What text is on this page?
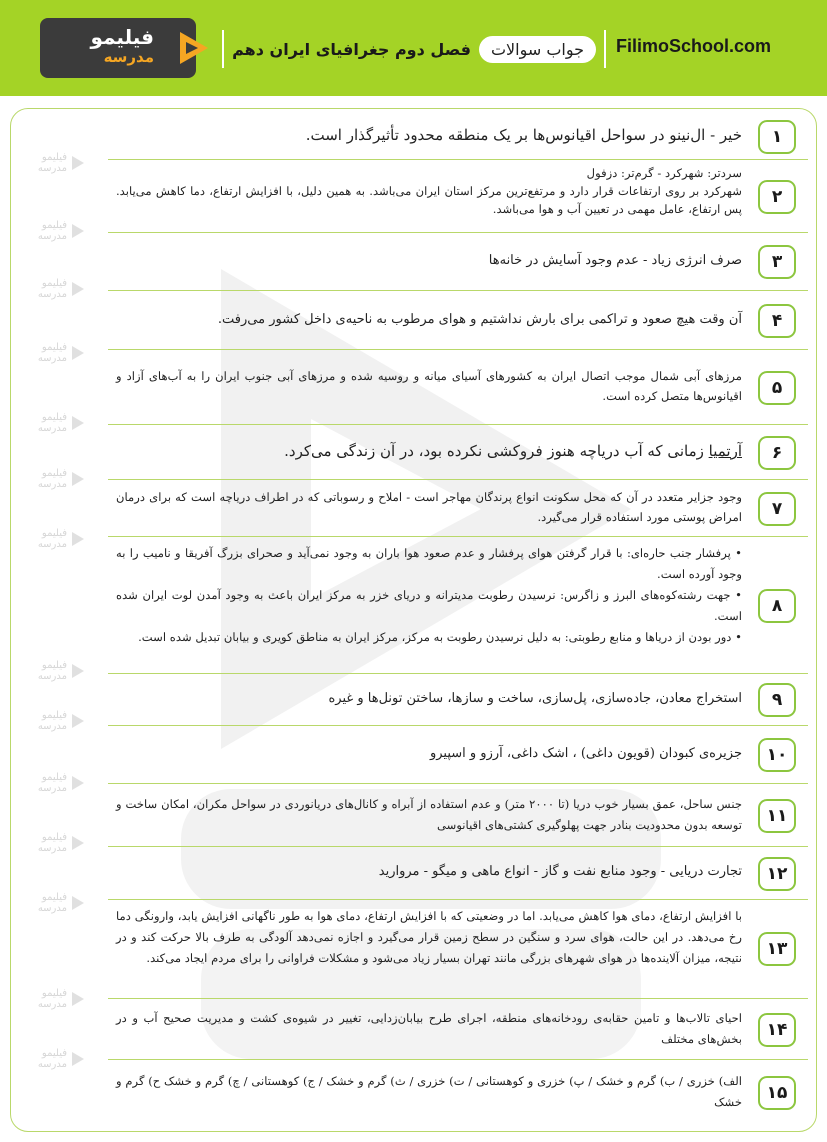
FilimoSchool.com
جواب سوالات
فصل دوم جغرافیای ایران دهم
فیلیمو
مدرسه
فیلیمو
مدرسه
فیلیمو
مدرسه
فیلیمو
مدرسه
فیلیمو
مدرسه
فیلیمو
مدرسه
فیلیمو
مدرسه
فیلیمو
مدرسه
فیلیمو
مدرسه
فیلیمو
مدرسه
فیلیمو
مدرسه
فیلیمو
مدرسه
فیلیمو
مدرسه
فیلیمو
مدرسه
فیلیمو
مدرسه
۱

خیر - ال‌نینو در سواحل اقیانوس‌ها بر یک منطقه محدود تأثیرگذار است.

۲

سردتر: شهرکرد - گرم‌تر: دزفول

شهرکرد بر روی ارتفاعات قرار دارد و مرتفع‌ترین مرکز استان ایران می‌باشد. به همین دلیل، با افزایش ارتفاع، دما کاهش می‌یابد. پس ارتفاع، عامل مهمی در تعیین آب و هوا می‌باشد.

۳

صرف انرژی زیاد - عدم وجود آسایش در خانه‌ها

۴

آن وقت هیچ صعود و تراکمی برای بارش نداشتیم و هوای مرطوب به ناحیه‌ی داخل کشور می‌رفت.

۵

مرزهای آبی شمال موجب اتصال ایران به کشورهای آسیای میانه و روسیه شده و مرزهای آبی جنوب ایران را به آب‌های آزاد و اقیانوس‌ها متصل کرده است.

۶

آرتمیا زمانی که آب دریاچه هنوز فروکشی نکرده بود، در آن زندگی می‌کرد.

۷

وجود جزایر متعدد در آن که محل سکونت انواع پرندگان مهاجر است - املاح و رسوباتی که در اطراف دریاچه است که برای درمان امراض پوستی مورد استفاده قرار می‌گیرد.

۸

• پرفشار جنب حاره‌ای: با قرار گرفتن هوای پرفشار و عدم صعود هوا باران به وجود نمی‌آید و صحرای بزرگ آفریقا و نامیب را به وجود آورده است.

• جهت رشته‌کوه‌های البرز و زاگرس: نرسیدن رطوبت مدیترانه و دریای خزر به مرکز ایران باعث به وجود آمدن لوت ایران شده است.

• دور بودن از دریاها و منابع رطوبتی: به دلیل نرسیدن رطوبت به مرکز، مرکز ایران به مناطق کویری و بیابان تبدیل شده است.

۹

استخراج معادن، جاده‌سازی، پل‌سازی، ساخت و سازها، ساختن تونل‌ها و غیره

۱۰

جزیره‌ی کبودان (قویون داغی) ، اشک داغی، آرزو و اسپیرو

۱۱

جنس ساحل، عمق بسیار خوب دریا (تا ۲۰۰۰ متر) و عدم استفاده از آبراه و کانال‌های دریانوردی در سواحل مکران، امکان ساخت و توسعه بدون محدودیت بنادر جهت پهلوگیری کشتی‌های اقیانوسی

۱۲

تجارت دریایی - وجود منابع نفت و گاز - انواع ماهی و میگو - مروارید

۱۳

با افزایش ارتفاع، دمای هوا کاهش می‌یابد. اما در وضعیتی که با افزایش ارتفاع، دمای هوا به طور ناگهانی افزایش یابد، وارونگی دما رخ می‌دهد. در این حالت، هوای سرد و سنگین در سطح زمین قرار می‌گیرد و اجازه نمی‌دهد آلودگی به طرف بالا حرکت کند و در نتیجه، میزان آلاینده‌ها در هوای شهرهای بزرگی مانند تهران بسیار زیاد می‌شود و مشکلات فراوانی را برای مردم ایجاد می‌کند.

۱۴

احیای تالاب‌ها و تامین حقابه‌ی رودخانه‌های منطقه، اجرای طرح بیابان‌زدایی، تغییر در شیوه‌ی کشت و مدیریت صحیح آب و در بخش‌های مختلف

۱۵

الف) خزری / ب) گرم و خشک / پ) خزری و کوهستانی / ت) خزری / ث) گرم و خشک / ج) کوهستانی / چ) گرم و خشک ح) گرم و خشک
